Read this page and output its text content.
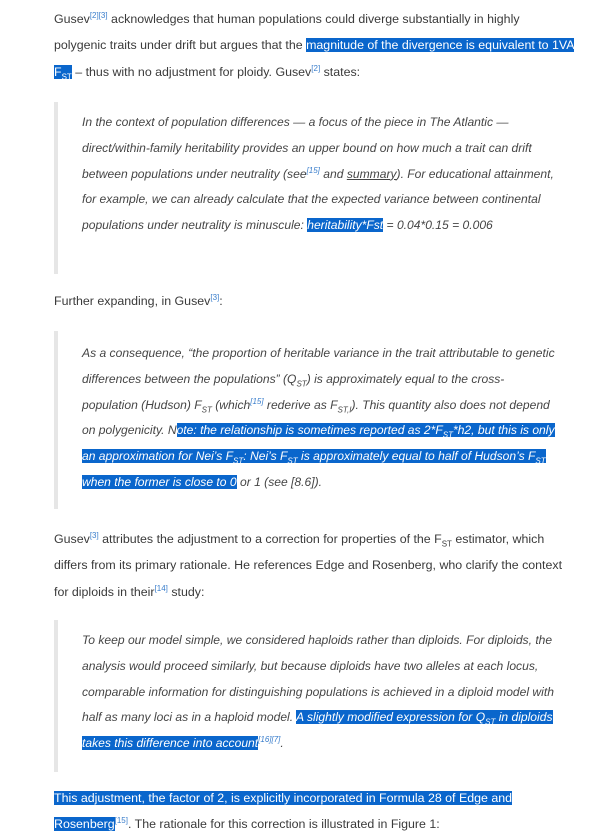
Gusev[2][3] acknowledges that human populations could diverge substantially in highly polygenic traits under drift but argues that the magnitude of the divergence is equivalent to 1VA $F_{ST}$ – thus with no adjustment for ploidy. Gusev[2] states:

In the context of population differences — a focus of the piece in The Atlantic — direct/within-family heritability provides an upper bound on how much a trait can drift between populations under neutrality (see[15] and summary). For educational attainment, for example, we can already calculate that the expected variance between continental populations under neutrality is minuscule: heritability*Fst = 0.04*0.15 = 0.006

Further expanding, in Gusev[3]:

As a consequence, “the proportion of heritable variance in the trait attributable to genetic differences between the populations” $(Q_{ST})$ is approximately equal to the cross-population (Hudson) $F_{ST}$ (which[15] rederive as $F_{ST,I}$). This quantity also does not depend on polygenicity. Note: the relationship is sometimes reported as $2*F_{ST}*h2$, but this is only an approximation for Nei’s $F_{ST}$: Nei’s $F_{ST}$ is approximately equal to half of Hudson’s $F_{ST}$ when the former is close to 0 or 1 (see [8.6]).

Gusev[3] attributes the adjustment to a correction for properties of the $F_{ST}$ estimator, which differs from its primary rationale. He references Edge and Rosenberg, who clarify the context for diploids in their[14] study:

To keep our model simple, we considered haploids rather than diploids. For diploids, the analysis would proceed similarly, but because diploids have two alleles at each locus, comparable information for distinguishing populations is achieved in a diploid model with half as many loci as in a haploid model. A slightly modified expression for $Q_{ST}$ in diploids takes this difference into account[16][7].

This adjustment, the factor of 2, is explicitly incorporated in Formula 28 of Edge and Rosenberg[15]. The rationale for this correction is illustrated in Figure 1:
